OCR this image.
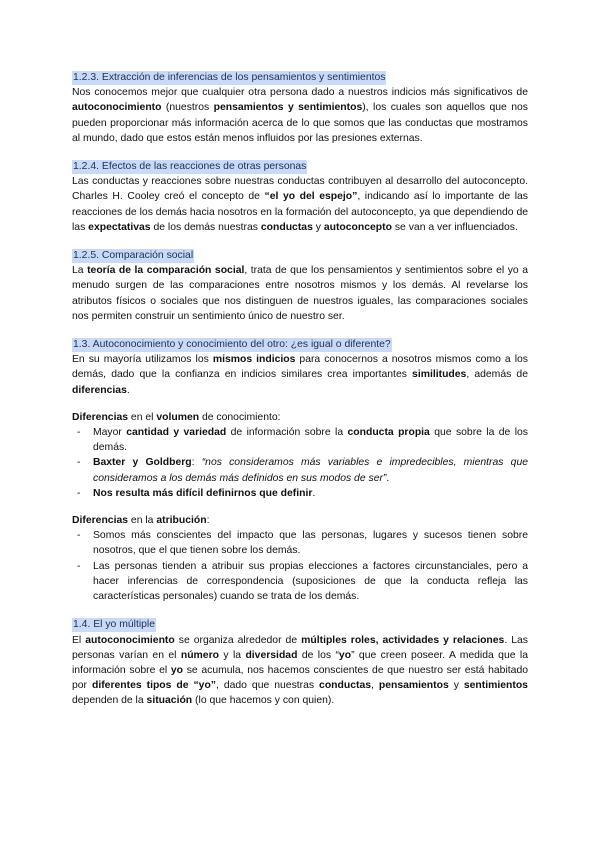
1.2.3. Extracción de inferencias de los pensamientos y sentimientos

Nos conocemos mejor que cualquier otra persona dado a nuestros indicios más significativos de autoconocimiento (nuestros pensamientos y sentimientos), los cuales son aquellos que nos pueden proporcionar más información acerca de lo que somos que las conductas que mostramos al mundo, dado que estos están menos influidos por las presiones externas.

1.2.4. Efectos de las reacciones de otras personas

Las conductas y reacciones sobre nuestras conductas contribuyen al desarrollo del autoconcepto. Charles H. Cooley creó el concepto de “el yo del espejo”, indicando así lo importante de las reacciones de los demás hacia nosotros en la formación del autoconcepto, ya que dependiendo de las expectativas de los demás nuestras conductas y autoconcepto se van a ver influenciados.

1.2.5. Comparación social

La teoría de la comparación social, trata de que los pensamientos y sentimientos sobre el yo a menudo surgen de las comparaciones entre nosotros mismos y los demás. Al revelarse los atributos físicos o sociales que nos distinguen de nuestros iguales, las comparaciones sociales nos permiten construir un sentimiento único de nuestro ser.

1.3. Autoconocimiento y conocimiento del otro: ¿es igual o diferente?

En su mayoría utilizamos los mismos indicios para conocernos a nosotros mismos como a los demás, dado que la confianza en indicios similares crea importantes similitudes, además de diferencias.

Diferencias en el volumen de conocimiento:

- Mayor cantidad y variedad de información sobre la conducta propia que sobre la de los demás.
- Baxter y Goldberg: “nos consideramos más variables e impredecibles, mientras que consideramos a los demás más definidos en sus modos de ser”.
- Nos resulta más difícil definirnos que definir.

Diferencias en la atribución:

- Somos más conscientes del impacto que las personas, lugares y sucesos tienen sobre nosotros, que el que tienen sobre los demás.
- Las personas tienden a atribuir sus propias elecciones a factores circunstanciales, pero a hacer inferencias de correspondencia (suposiciones de que la conducta refleja las características personales) cuando se trata de los demás.
1.4. El yo múltiple

El autoconocimiento se organiza alrededor de múltiples roles, actividades y relaciones. Las personas varían en el número y la diversidad de los “yo” que creen poseer. A medida que la información sobre el yo se acumula, nos hacemos conscientes de que nuestro ser está habitado por diferentes tipos de “yo”, dado que nuestras conductas, pensamientos y sentimientos dependen de la situación (lo que hacemos y con quien).
